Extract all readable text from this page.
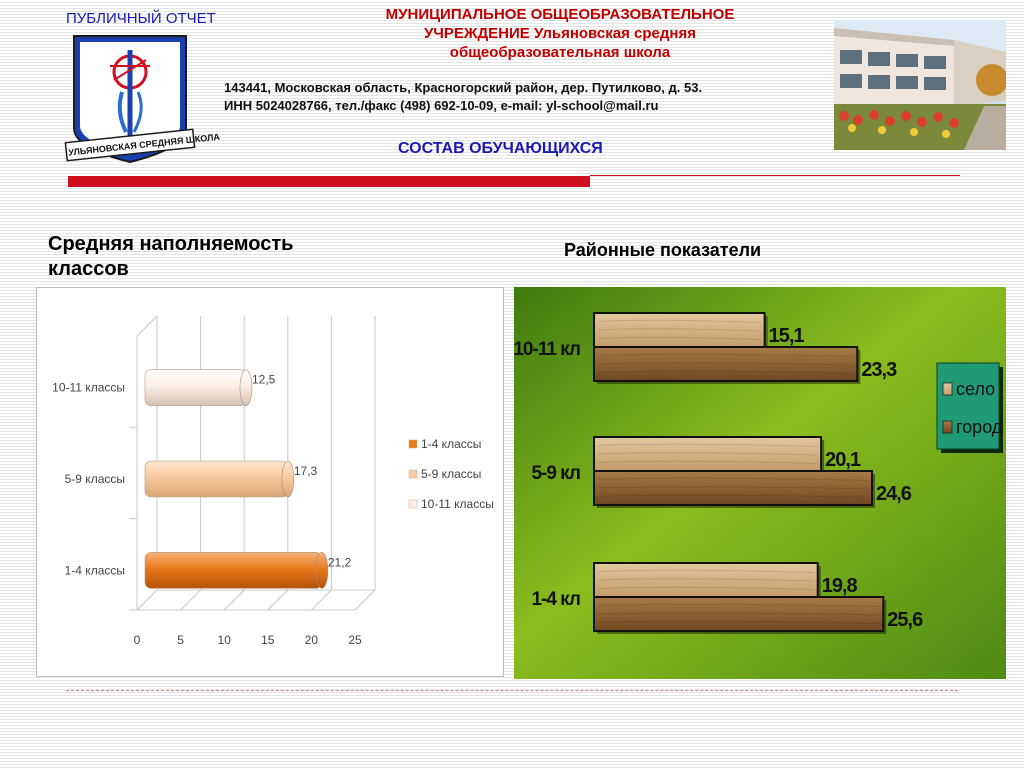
ПУБЛИЧНЫЙ ОТЧЕТ
УЛЬЯНОВСКАЯ СРЕДНЯЯ ШКОЛА
МУНИЦИПАЛЬНОЕ ОБЩЕОБРАЗОВАТЕЛЬНОЕ
УЧРЕЖДЕНИЕ Ульяновская средняя
общеобразовательная школа
143441, Московская область, Красногорский район, дер. Путилково, д. 53.
ИНН 5024028766, тел./факс (498) 692-10-09, e-mail: yl-school@mail.ru
СОСТАВ ОБУЧАЮЩИХСЯ
Средняя наполняемость классов
Районные показатели
0	5	10	15	20	25
1-4 классы
21,2
5-9 классы
17,3
10-11 классы
12,5
1-4 классы
5-9 классы
10-11 классы
15,1
23,3
10-11 кл
20,1
24,6
5-9 кл
19,8
25,6
1-4 кл
село
город
